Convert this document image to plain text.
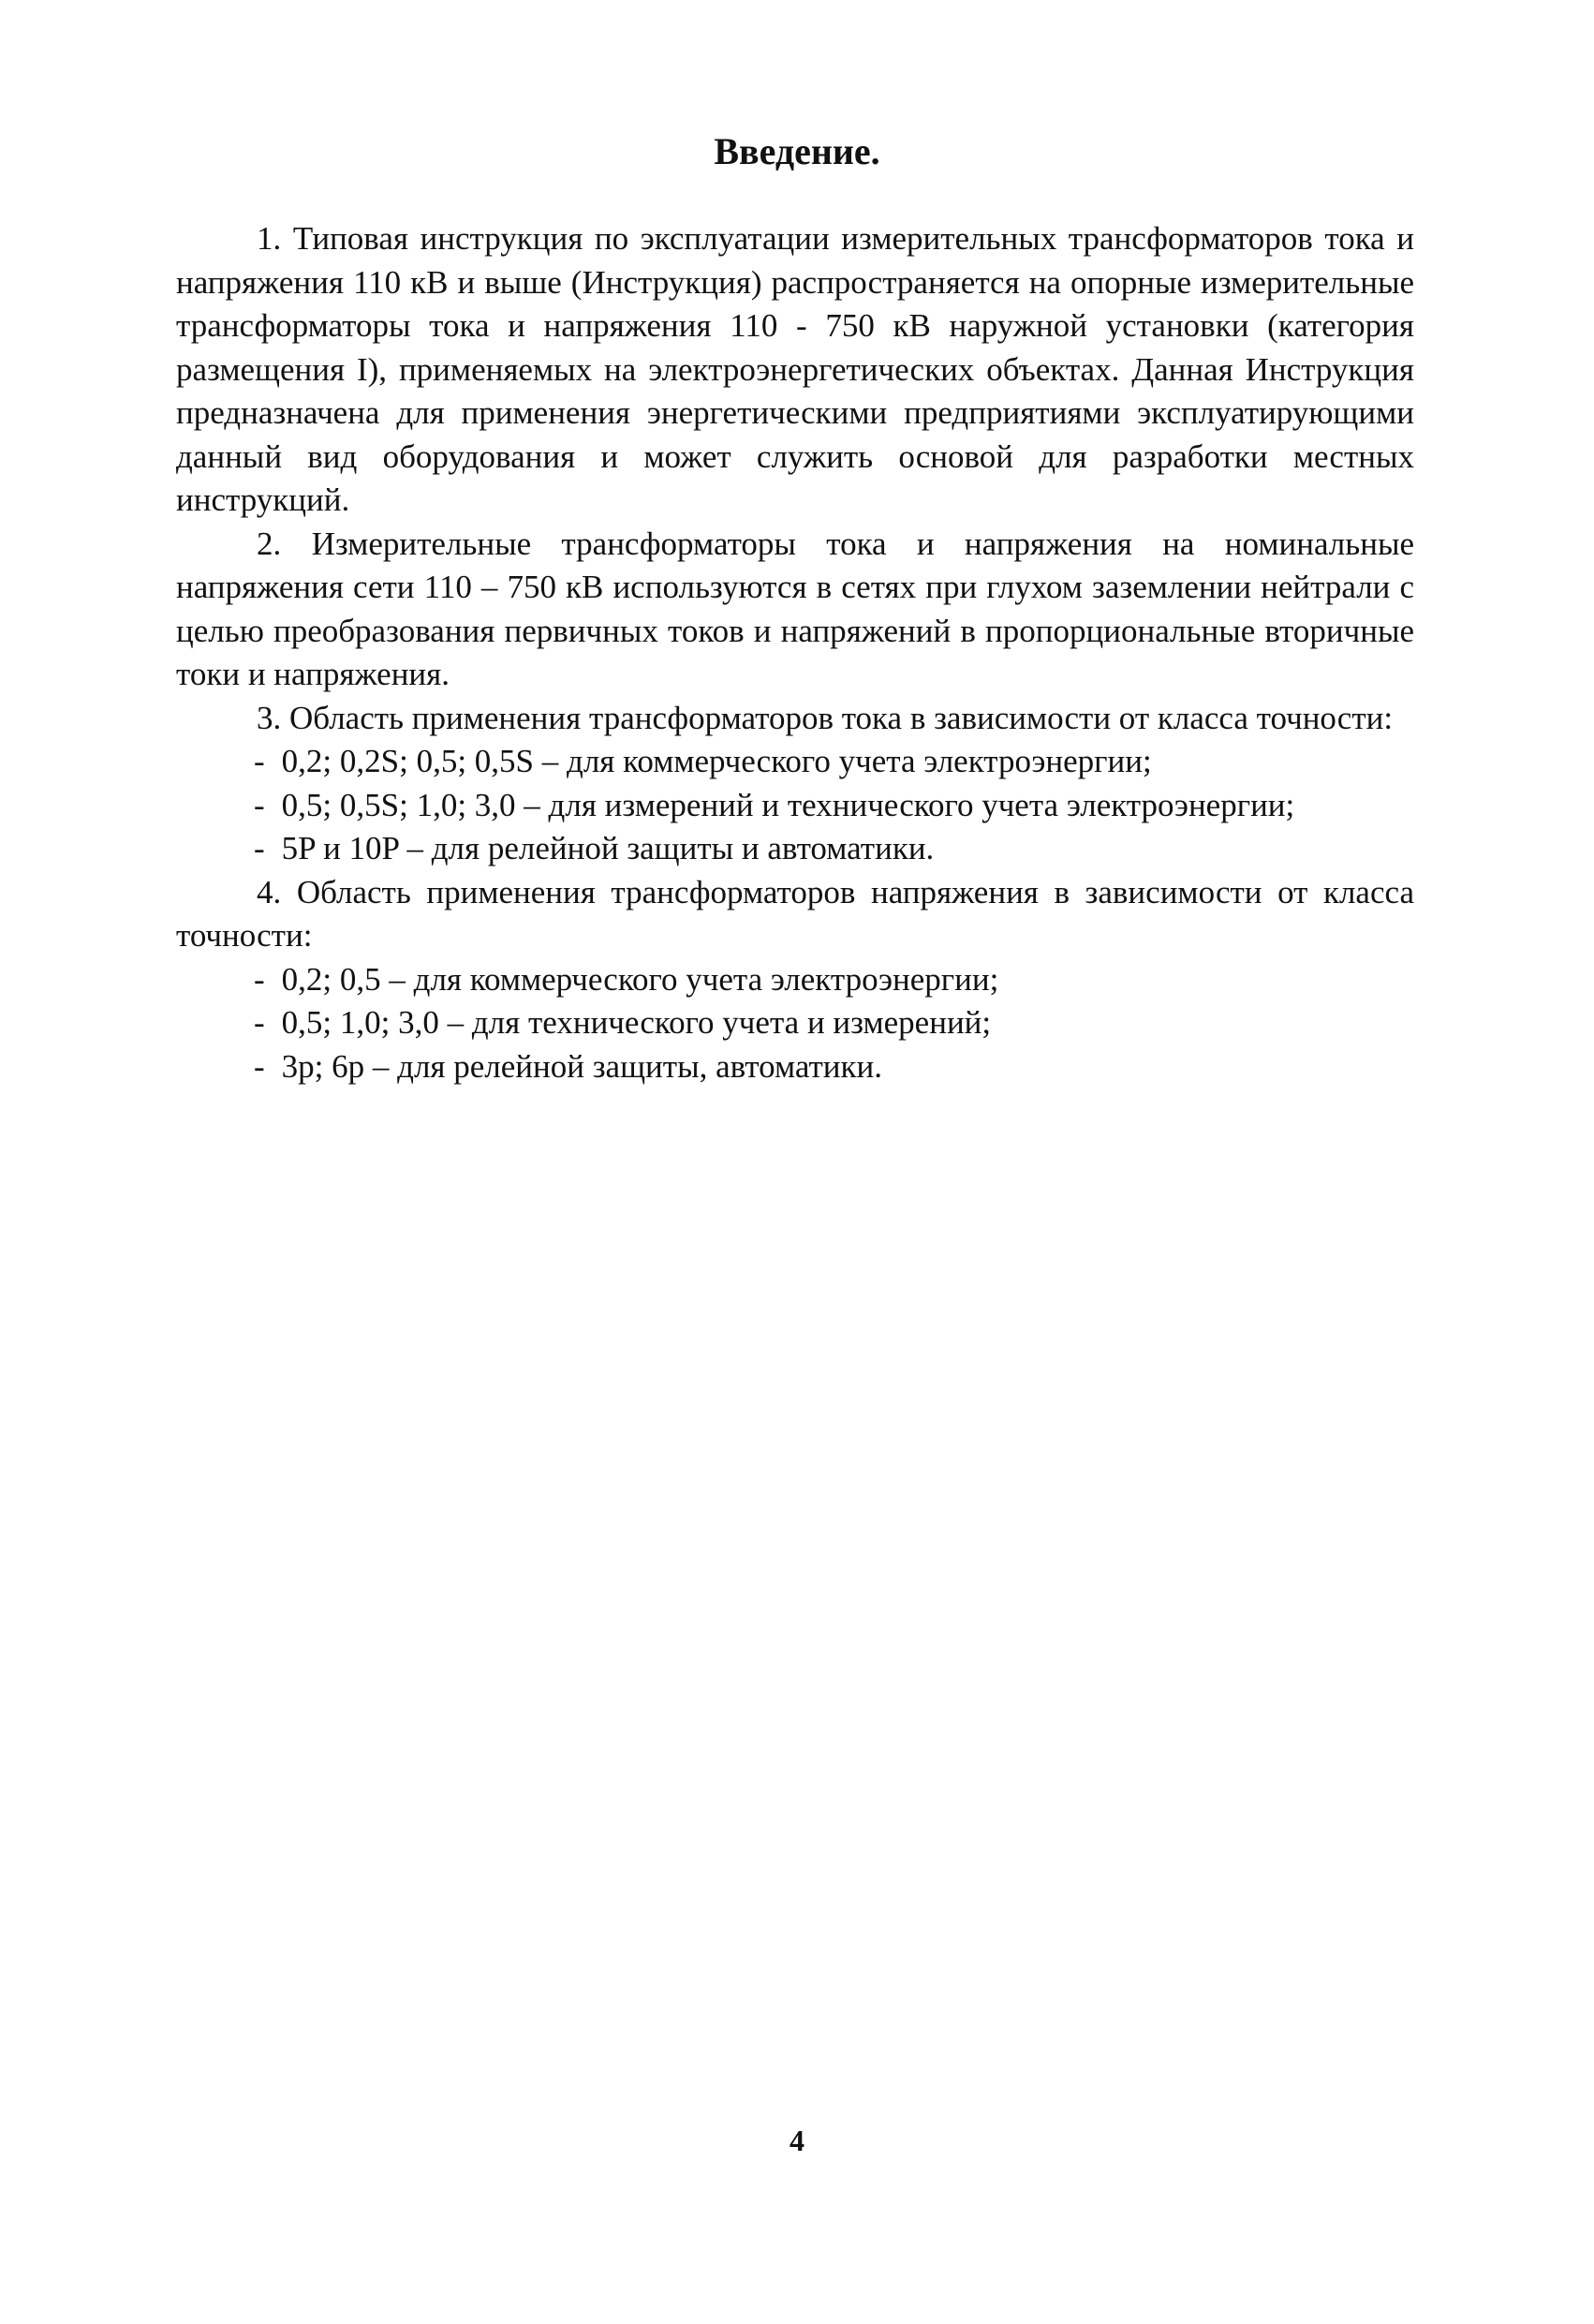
Введение.

1. Типовая инструкция по эксплуатации измерительных трансформаторов тока и напряжения 110 кВ и выше (Инструкция) распространяется на опорные измерительные трансформаторы тока и напряжения 110 - 750 кВ наружной установки (категория размещения I), применяемых на электроэнергетических объектах. Данная Инструкция предназначена для применения энергетическими предприятиями эксплуатирующими данный вид оборудования и может служить основой для разработки местных инструкций.

2. Измерительные трансформаторы тока и напряжения на номинальные напряжения сети 110 – 750 кВ используются в сетях при глухом заземлении нейтрали с целью преобразования первичных токов и напряжений в пропорциональные вторичные токи и напряжения.

3. Область применения трансформаторов тока в зависимости от класса точности:

- 0,2; 0,2S; 0,5; 0,5S – для коммерческого учета электроэнергии;

- 0,5; 0,5S; 1,0; 3,0 – для измерений и технического учета электроэнергии;

- 5P и 10P – для релейной защиты и автоматики.

4. Область применения трансформаторов напряжения в зависимости от класса точности:

- 0,2; 0,5 – для коммерческого учета электроэнергии;

- 0,5; 1,0; 3,0 – для технического учета и измерений;

- 3р; 6р – для релейной защиты, автоматики.

4
